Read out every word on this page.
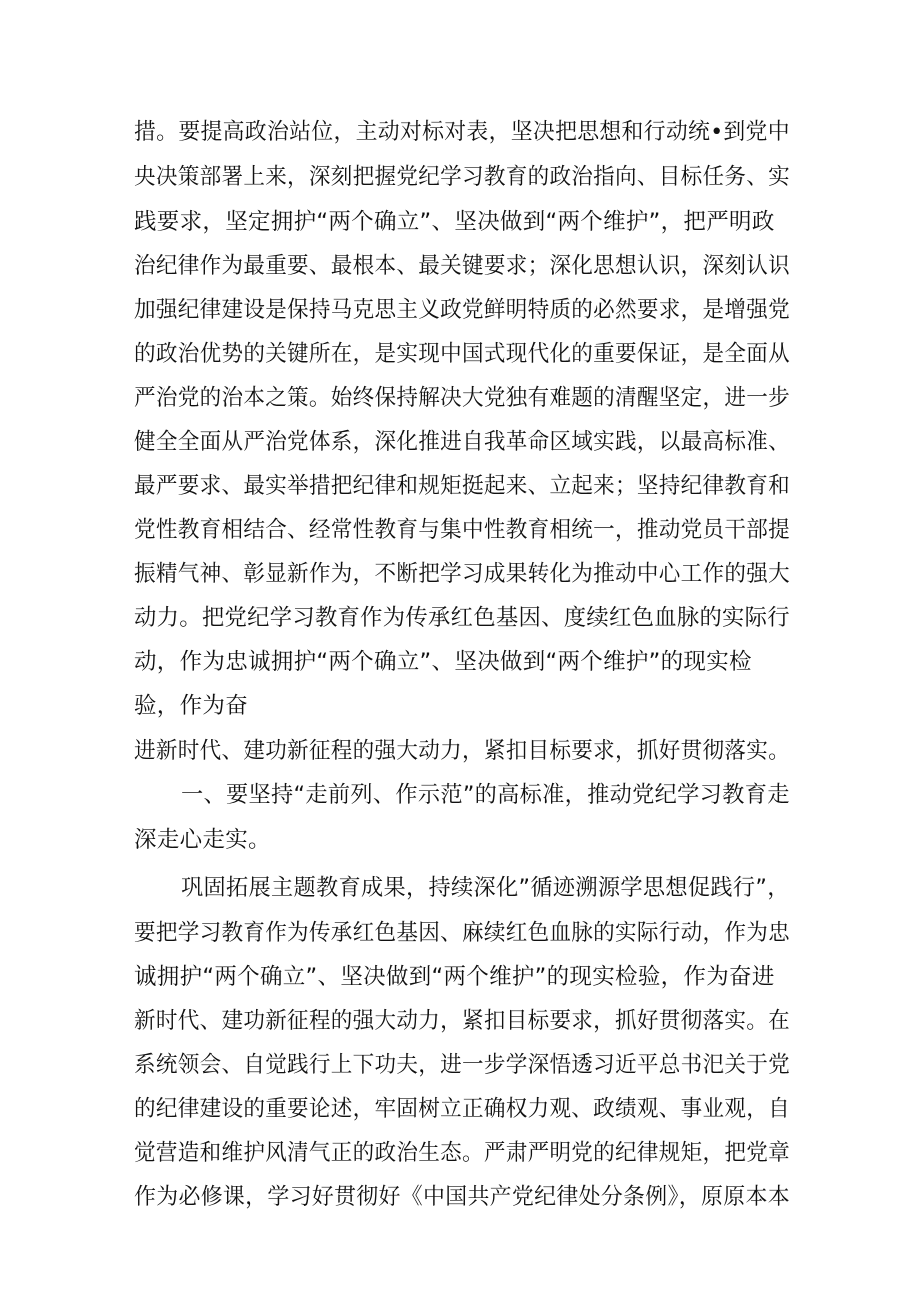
措。要提高政治站位，主动对标对表，坚决把思想和行动统•到党中
央决策部署上来，深刻把握党纪学习教育的政治指向、目标任务、实
践要求，坚定拥护“两个确立”、坚决做到“两个维护”，把严明政
治纪律作为最重要、最根本、最关键要求；深化思想认识，深刻认识
加强纪律建设是保持马克思主义政党鲜明特质的必然要求，是增强党
的政治优势的关键所在，是实现中国式现代化的重要保证，是全面从
严治党的治本之策。始终保持解决大党独有难题的清醒坚定，进一步
健全全面从严治党体系，深化推进自我革命区域实践，以最高标准、
最严要求、最实举措把纪律和规矩挺起来、立起来；坚持纪律教育和
党性教育相结合、经常性教育与集中性教育相统一，推动党员干部提
振精气神、彰显新作为，不断把学习成果转化为推动中心工作的强大
动力。把党纪学习教育作为传承红色基因、度续红色血脉的实际行
动，作为忠诚拥护“两个确立”、坚决做到“两个维护”的现实检
验，作为奋
进新时代、建功新征程的强大动力，紧扣目标要求，抓好贯彻落实。
一、要坚持“走前列、作示范”的高标准，推动党纪学习教育走
深走心走实。
巩固拓展主题教育成果，持续深化”循迹溯源学思想促践行”，
要把学习教育作为传承红色基因、麻续红色血脉的实际行动，作为忠
诚拥护“两个确立”、坚决做到“两个维护”的现实检验，作为奋进
新时代、建功新征程的强大动力，紧扣目标要求，抓好贯彻落实。在
系统领会、自觉践行上下功夫，进一步学深悟透习近平总书汜关于党
的纪律建设的重要论述，牢固树立正确权力观、政绩观、事业观，自
觉营造和维护风清气正的政治生态。严肃严明党的纪律规矩，把党章
作为必修课，学习好贯彻好《中国共产党纪律处分条例》，原原本本
